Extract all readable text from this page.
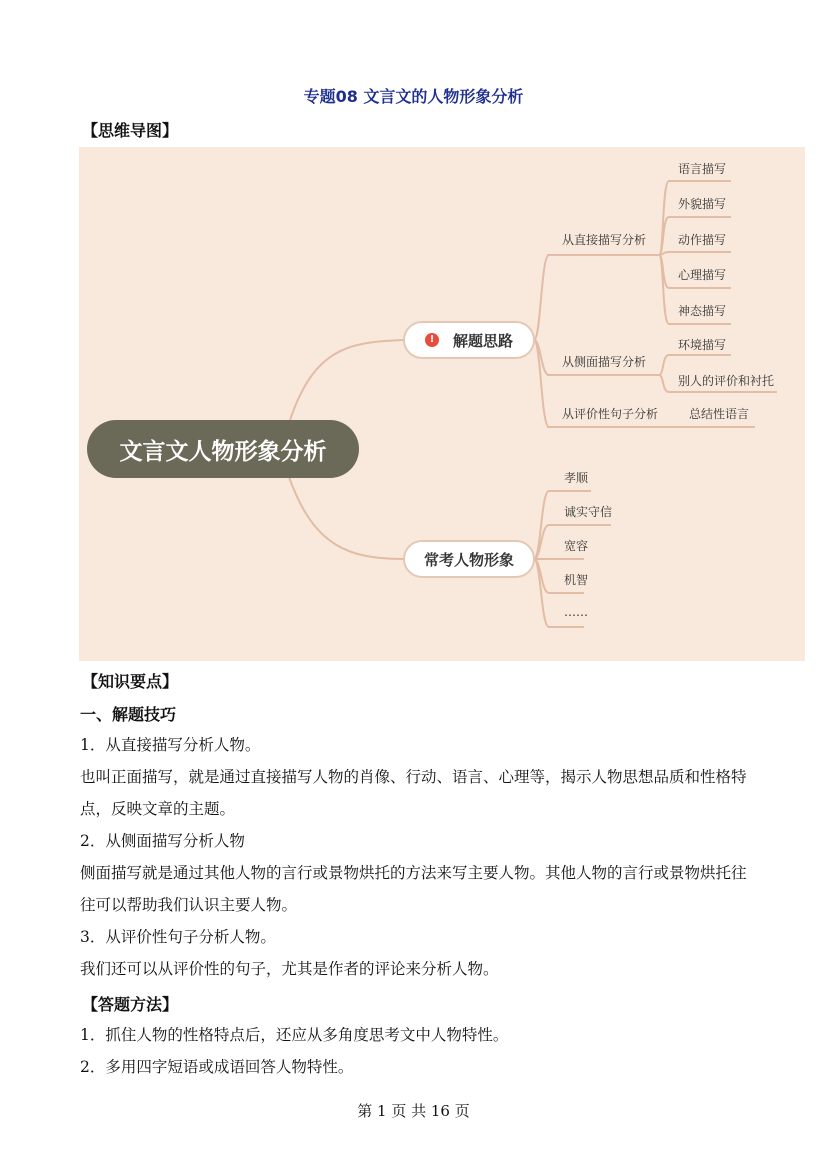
专题08 文言文的人物形象分析
【思维导图】
文言文人物形象分析
!	解题思路
常考人物形象
从直接描写分析
语言描写
外貌描写
动作描写
心理描写
神态描写
从侧面描写分析
环境描写
别人的评价和衬托
从评价性句子分析	总结性语言
孝顺
诚实守信
宽容
机智
……
【知识要点】
一、解题技巧
1．从直接描写分析人物。
也叫正面描写，就是通过直接描写人物的肖像、行动、语言、心理等，揭示人物思想品质和性格特点，反映文章的主题。
2．从侧面描写分析人物
侧面描写就是通过其他人物的言行或景物烘托的方法来写主要人物。其他人物的言行或景物烘托往往可以帮助我们认识主要人物。
3．从评价性句子分析人物。
我们还可以从评价性的句子，尤其是作者的评论来分析人物。
【答题方法】
1．抓住人物的性格特点后，还应从多角度思考文中人物特性。
2．多用四字短语或成语回答人物特性。
第 1 页 共 16 页
